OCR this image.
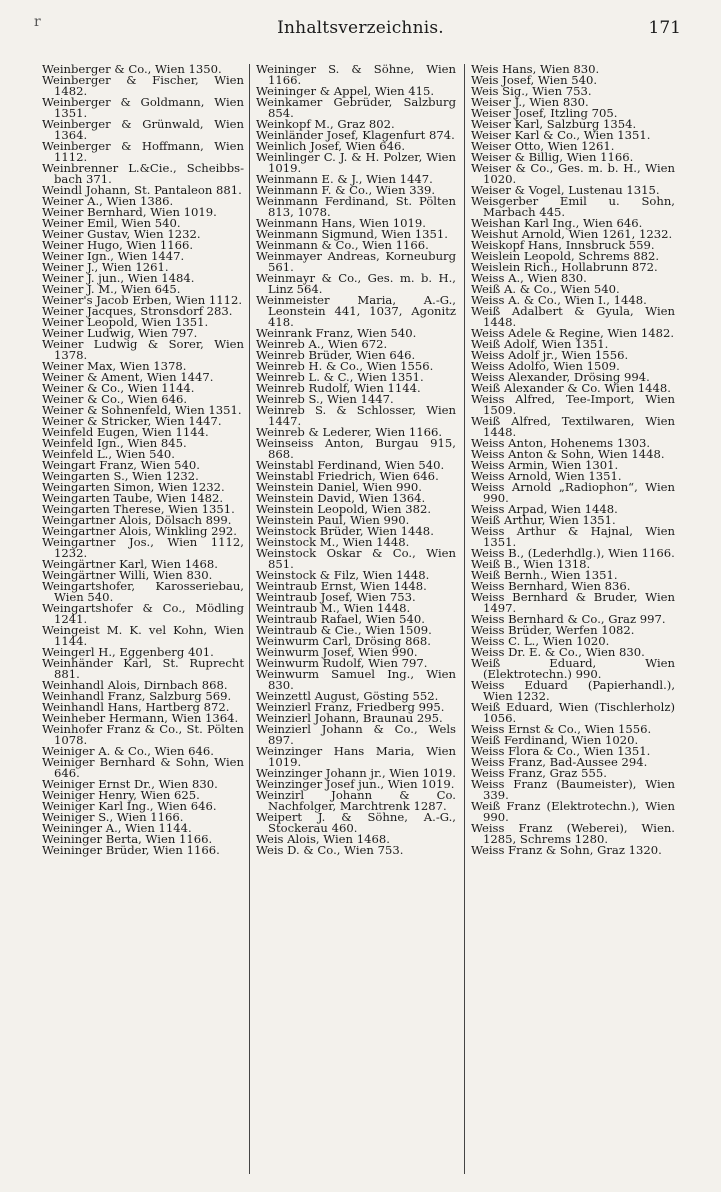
r	Inhaltsverzeichnis.	171

Weinberger & Co., Wien 1350.

Weinberger & Fischer, Wien 1482.

Weinberger & Goldmann, Wien 1351.

Weinberger & Grünwald, Wien 1364.

Weinberger & Hoffmann, Wien 1112.

Weinbrenner L.&Cie., Scheibbs-bach 371.

Weindl Johann, St. Pantaleon 881.

Weiner A., Wien 1386.

Weiner Bernhard, Wien 1019.

Weiner Emil, Wien 540.

Weiner Gustav, Wien 1232.

Weiner Hugo, Wien 1166.

Weiner Ign., Wien 1447.

Weiner J., Wien 1261.

Weiner J. jun., Wien 1484.

Weiner J. M., Wien 645.

Weiner's Jacob Erben, Wien 1112.

Weiner Jacques, Stronsdorf 283.

Weiner Leopold, Wien 1351.

Weiner Ludwig, Wien 797.

Weiner Ludwig & Sorer, Wien 1378.

Weiner Max, Wien 1378.

Weiner & Ament, Wien 1447.

Weiner & Co., Wien 1144.

Weiner & Co., Wien 646.

Weiner & Sohnenfeld, Wien 1351.

Weiner & Stricker, Wien 1447.

Weinfeld Eugen, Wien 1144.

Weinfeld Ign., Wien 845.

Weinfeld L., Wien 540.

Weingart Franz, Wien 540.

Weingarten S., Wien 1232.

Weingarten Simon, Wien 1232.

Weingarten Taube, Wien 1482.

Weingarten Therese, Wien 1351.

Weingartner Alois, Dölsach 899.

Weingartner Alois, Winkling 292.

Weingartner Jos., Wien 1112, 1232.

Weingärtner Karl, Wien 1468.

Weingärtner Willi, Wien 830.

Weingartshofer, Karosseriebau, Wien 540.

Weingartshofer & Co., Mödling 1241.

Weingeist M. K. vel Kohn, Wien 1144.

Weingerl H., Eggenberg 401.

Weinhänder Karl, St. Ruprecht 881.

Weinhandl Alois, Dirnbach 868.

Weinhandl Franz, Salzburg 569.

Weinhandl Hans, Hartberg 872.

Weinheber Hermann, Wien 1364.

Weinhofer Franz & Co., St. Pölten 1078.

Weiniger A. & Co., Wien 646.

Weiniger Bernhard & Sohn, Wien 646.

Weiniger Ernst Dr., Wien 830.

Weiniger Henry, Wien 625.

Weiniger Karl Ing., Wien 646.

Weiniger S., Wien 1166.

Weininger A., Wien 1144.

Weininger Berta, Wien 1166.

Weininger Brüder, Wien 1166.

Weininger S. & Söhne, Wien 1166.

Weininger & Appel, Wien 415.

Weinkamer Gebrüder, Salzburg 854.

Weinkopf M., Graz 802.

Weinländer Josef, Klagenfurt 874.

Weinlich Josef, Wien 646.

Weinlinger C. J. & H. Polzer, Wien 1019.

Weinmann E. & J., Wien 1447.

Weinmann F. & Co., Wien 339.

Weinmann Ferdinand, St. Pölten 813, 1078.

Weinmann Hans, Wien 1019.

Weinmann Sigmund, Wien 1351.

Weinmann & Co., Wien 1166.

Weinmayer Andreas, Korneuburg 561.

Weinmayr & Co., Ges. m. b. H., Linz 564.

Weinmeister Maria, A.-G., Leonstein 441, 1037, Agonitz 418.

Weinrank Franz, Wien 540.

Weinreb A., Wien 672.

Weinreb Brüder, Wien 646.

Weinreb H. & Co., Wien 1556.

Weinreb L. & C., Wien 1351.

Weinreb Rudolf, Wien 1144.

Weinreb S., Wien 1447.

Weinreb S. & Schlosser, Wien 1447.

Weinreb & Lederer, Wien 1166.

Weinseiss Anton, Burgau 915, 868.

Weinstabl Ferdinand, Wien 540.

Weinstabl Friedrich, Wien 646.

Weinstein Daniel, Wien 990.

Weinstein David, Wien 1364.

Weinstein Leopold, Wien 382.

Weinstein Paul, Wien 990.

Weinstock Brüder, Wien 1448.

Weinstock M., Wien 1448.

Weinstock Oskar & Co., Wien 851.

Weinstock & Filz, Wien 1448.

Weintraub Ernst, Wien 1448.

Weintraub Josef, Wien 753.

Weintraub M., Wien 1448.

Weintraub Rafael, Wien 540.

Weintraub & Cie., Wien 1509.

Weinwurm Carl, Drösing 868.

Weinwurm Josef, Wien 990.

Weinwurm Rudolf, Wien 797.

Weinwurm Samuel Ing., Wien 830.

Weinzettl August, Gösting 552.

Weinzierl Franz, Friedberg 995.

Weinzierl Johann, Braunau 295.

Weinzierl Johann & Co., Wels 897.

Weinzinger Hans Maria, Wien 1019.

Weinzinger Johann jr., Wien 1019.

Weinzinger Josef jun., Wien 1019.

Weinzirl Johann & Co. Nachfolger, Marchtrenk 1287.

Weipert J. & Söhne, A.-G., Stockerau 460.

Weis Alois, Wien 1468.

Weis D. & Co., Wien 753.

Weis Hans, Wien 830.

Weis Josef, Wien 540.

Weis Sig., Wien 753.

Weiser J., Wien 830.

Weiser Josef, Itzling 705.

Weiser Karl, Salzburg 1354.

Weiser Karl & Co., Wien 1351.

Weiser Otto, Wien 1261.

Weiser & Billig, Wien 1166.

Weiser & Co., Ges. m. b. H., Wien 1020.

Weiser & Vogel, Lustenau 1315.

Weisgerber Emil u. Sohn, Marbach 445.

Weishan Karl Ing., Wien 646.

Weishut Arnold, Wien 1261, 1232.

Weiskopf Hans, Innsbruck 559.

Weislein Leopold, Schrems 882.

Weislein Rich., Hollabrunn 872.

Weiss A., Wien 830.

Weiß A. & Co., Wien 540.

Weiss A. & Co., Wien I., 1448.

Weiß Adalbert & Gyula, Wien 1448.

Weiss Adele & Regine, Wien 1482.

Weiß Adolf, Wien 1351.

Weiss Adolf jr., Wien 1556.

Weiss Adolfo, Wien 1509.

Weiss Alexander, Drösing 994.

Weiß Alexander & Co. Wien 1448.

Weiss Alfred, Tee-Import, Wien 1509.

Weiß Alfred, Textilwaren, Wien 1448.

Weiss Anton, Hohenems 1303.

Weiss Anton & Sohn, Wien 1448.

Weiss Armin, Wien 1301.

Weiss Arnold, Wien 1351.

Weiss Arnold „Radiophon“, Wien 990.

Weiss Arpad, Wien 1448.

Weiß Arthur, Wien 1351.

Weiss Arthur & Hajnal, Wien 1351.

Weiss B., (Lederhdlg.), Wien 1166.

Weiß B., Wien 1318.

Weiß Bernh., Wien 1351.

Weiss Bernhard, Wien 836.

Weiss Bernhard & Bruder, Wien 1497.

Weiss Bernhard & Co., Graz 997.

Weiss Brüder, Werfen 1082.

Weiss C. L., Wien 1020.

Weiss Dr. E. & Co., Wien 830.

Weiß Eduard, Wien (Elektrotechn.) 990.

Weiss Eduard (Papierhandl.), Wien 1232.

Weiß Eduard, Wien (Tischlerholz) 1056.

Weiss Ernst & Co., Wien 1556.

Weiß Ferdinand, Wien 1020.

Weiss Flora & Co., Wien 1351.

Weiss Franz, Bad-Aussee 294.

Weiss Franz, Graz 555.

Weiss Franz (Baumeister), Wien 339.

Weiß Franz (Elektrotechn.), Wien 990.

Weiss Franz (Weberei), Wien. 1285, Schrems 1280.

Weiss Franz & Sohn, Graz 1320.
